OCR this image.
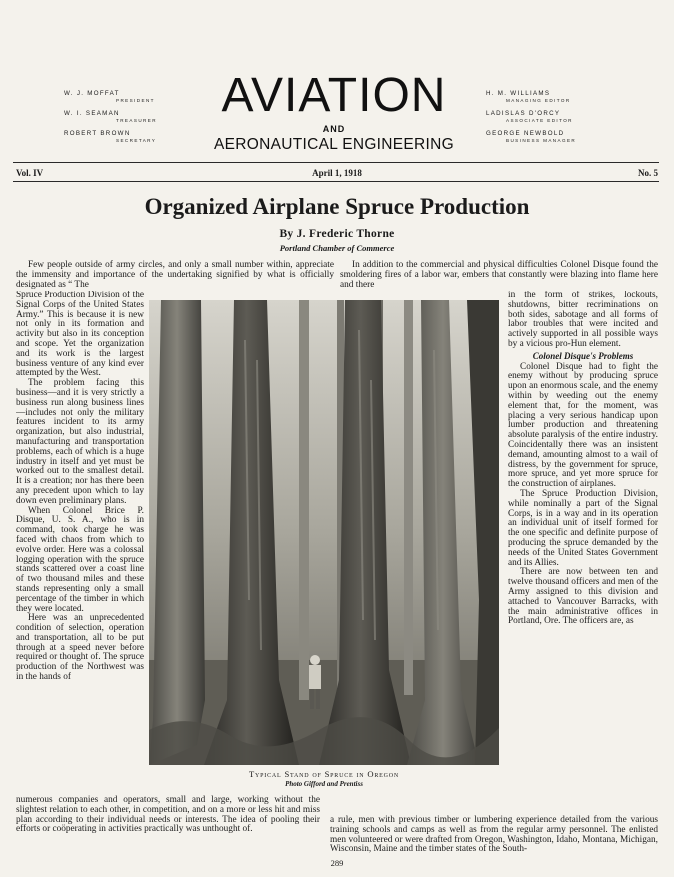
W. J. MOFFAT
PRESIDENT
W. I. SEAMAN
TREASURER
ROBERT BROWN
SECRETARY
AVIATION
AND
AERONAUTICAL ENGINEERING
H. M. WILLIAMS
MANAGING EDITOR
LADISLAS D'ORCY
ASSOCIATE EDITOR
GEORGE NEWBOLD
BUSINESS MANAGER
Vol. IV	April 1, 1918	No. 5
Organized Airplane Spruce Production
By J. Frederic Thorne
Portland Chamber of Commerce

Few people outside of army circles, and only a small number within, appreciate the immensity and importance of the undertaking signified by what is officially designated as “ The

In addition to the commercial and physical difficulties Colonel Disque found the smoldering fires of a labor war, embers that constantly were blazing into flame here and there

Spruce Production Division of the Signal Corps of the United States Army.” This is because it is new not only in its formation and activity but also in its conception and scope. Yet the organization and its work is the largest business venture of any kind ever attempted by the West.

The problem facing this business—and it is very strictly a business run along business lines—includes not only the military features incident to its army organization, but also industrial, manufacturing and transportation problems, each of which is a huge industry in itself and yet must be worked out to the smallest detail. It is a creation; nor has there been any precedent upon which to lay down even preliminary plans.

When Colonel Brice P. Disque, U. S. A., who is in command, took charge he was faced with chaos from which to evolve order. Here was a colossal logging operation with the spruce stands scattered over a coast line of two thousand miles and these stands representing only a small percentage of the timber in which they were located.

Here was an unprecedented condition of selection, operation and transportation, all to be put through at a speed never before required or thought of. The spruce production of the Northwest was in the hands of

Typical Stand of Spruce in Oregon
Photo Gifford and Prentiss

in the form of strikes, lockouts, shutdowns, bitter recriminations on both sides, sabotage and all forms of labor troubles that were incited and actively supported in all possible ways by a vicious pro-Hun element.

Colonel Disque's Problems

Colonel Disque had to fight the enemy without by producing spruce upon an enormous scale, and the enemy within by weeding out the enemy element that, for the moment, was placing a very serious handicap upon lumber production and threatening absolute paralysis of the entire industry. Coincidentally there was an insistent demand, amounting almost to a wail of distress, by the government for spruce, more spruce, and yet more spruce for the construction of airplanes.

The Spruce Production Division, while nominally a part of the Signal Corps, is in a way and in its operation an individual unit of itself formed for the one specific and definite purpose of producing the spruce demanded by the needs of the United States Government and its Allies.

There are now between ten and twelve thousand officers and men of the Army assigned to this division and attached to Vancouver Barracks, with the main administrative offices in Portland, Ore. The officers are, as

numerous companies and operators, small and large, working without the slightest relation to each other, in competition, and on a more or less hit and miss plan according to their individual needs or interests. The idea of pooling their efforts or coöperating in activities practically was unthought of.

a rule, men with previous timber or lumbering experience detailed from the various training schools and camps as well as from the regular army personnel. The enlisted men volunteered or were drafted from Oregon, Washington, Idaho, Montana, Michigan, Wisconsin, Maine and the timber states of the South-

289
